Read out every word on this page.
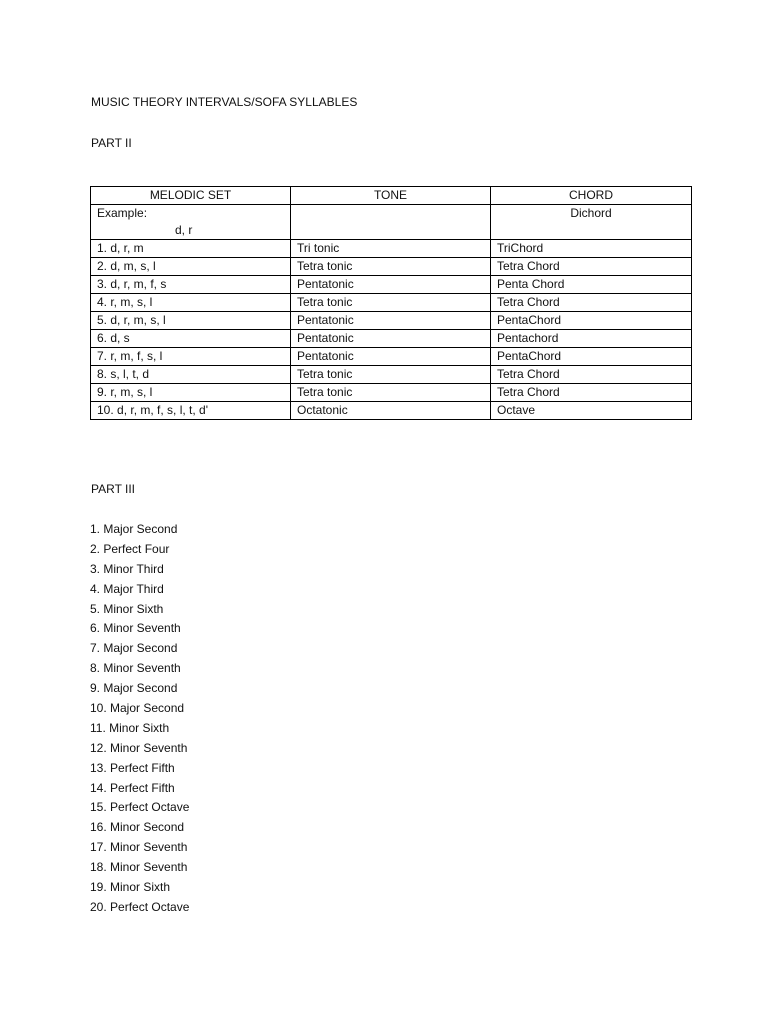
MUSIC THEORY INTERVALS/SOFA SYLLABLES
PART II
MELODIC SET	TONE	CHORD

Example:
d, r		Dichord

1. d, r, m	Tri tonic	TriChord
2. d, m, s, l	Tetra tonic	Tetra Chord
3. d, r, m, f, s	Pentatonic	Penta Chord
4. r, m, s, l	Tetra tonic	Tetra Chord
5. d, r, m, s, l	Pentatonic	PentaChord
6. d, s	Pentatonic	Pentachord
7. r, m, f, s, l	Pentatonic	PentaChord
8. s, l, t, d	Tetra tonic	Tetra Chord
9. r, m, s, l	Tetra tonic	Tetra Chord
10. d, r, m, f, s, l, t, d'	Octatonic	Octave
PART III
1. Major Second
2. Perfect Four
3. Minor Third
4. Major Third
5. Minor Sixth
6. Minor Seventh
7. Major Second
8. Minor Seventh
9. Major Second
10. Major Second
11. Minor Sixth
12. Minor Seventh
13. Perfect Fifth
14. Perfect Fifth
15. Perfect Octave
16. Minor Second
17. Minor Seventh
18. Minor Seventh
19. Minor Sixth
20. Perfect Octave
